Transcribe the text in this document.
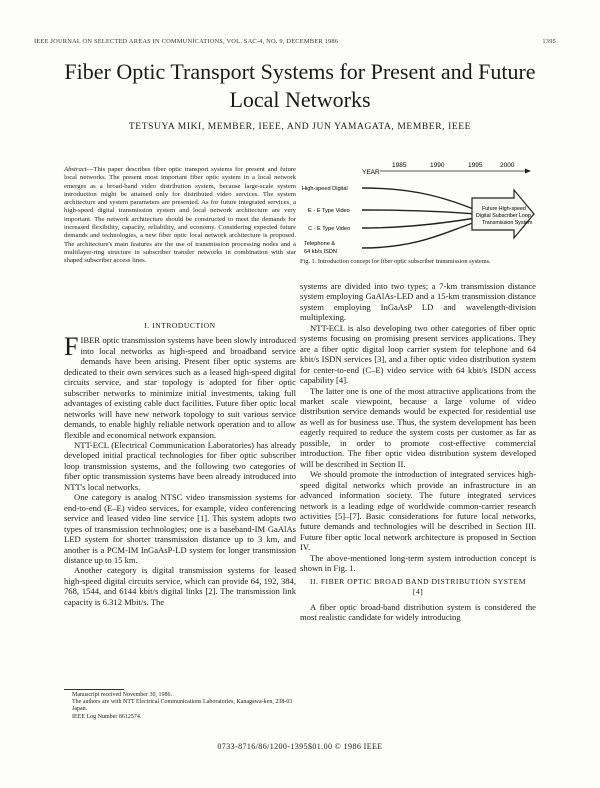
IEEE JOURNAL ON SELECTED AREAS IN COMMUNICATIONS, VOL. SAC-4, NO. 9, DECEMBER 1986	1395
Fiber Optic Transport Systems for Present and Future
Local Networks
TETSUYA MIKI, MEMBER, IEEE, AND JUN YAMAGATA, MEMBER, IEEE
Abstract—This paper describes fiber optic transport systems for present and future local networks. The present most important fiber optic system in a local network emerges as a broad-band video distribution system, because large-scale system introduction might be attained only for distributed video services. The system architecture and system parameters are presented. As for future integrated services, a high-speed digital transmission system and local network architecture are very important. The network architecture should be constructed to meet the demands for increased flexibility, capacity, reliability, and economy. Considering expected future demands and technologies, a new fiber optic local network architecture is proposed. The architecture's main features are the use of transmission processing nodes and a multilayer-ring structure in subscriber transfer networks in combination with star shaped subscriber access lines.
I. INTRODUCTION

FIBER optic transmission systems have been slowly introduced into local networks as high-speed and broadband service demands have been arising. Present fiber optic systems are dedicated to their own services such as a leased high-speed digital circuits service, and star topology is adopted for fiber optic subscriber networks to minimize initial investments, taking full advantages of existing cable duct facilities. Future fiber optic local networks will have new network topology to suit various service demands, to enable highly reliable network operation and to allow flexible and economical network expansion.

NTT-ECL (Electrical Communication Laboratories) has already developed initial practical technologies for fiber optic subscriber loop transmission systems, and the following two categories of fiber optic transmission systems have been already introduced into NTT's local networks.

One category is analog NTSC video transmission systems for end-to-end (E–E) video services, for example, video conferencing service and leased video line service [1]. This system adopts two types of transmission technologies; one is a baseband-IM GaAlAs LED system for shorter transmission distance up to 3 km, and another is a PCM-IM InGaAsP-LD system for longer transmission distance up to 15 km.

Another category is digital transmission systems for leased high-speed digital circuits service, which can provide 64, 192, 384, 768, 1544, and 6144 kbit/s digital links [2]. The transmission link capacity is 6.312 Mbit/s. The

Manuscript received November 30, 1986.
The authors are with NTT Electrical Communications Laboratories, Kanagawa-ken, 238-03 Japan.
IEEE Log Number 8612574.
YEAR
1985	1990	1995	2000
High-speed Digital
E - E Type Video
C - E Type Video
Telephone &
64 kb/s ISDN
Future High-speed
Digital Subscriber Loop
Transmission System
Fig. 1. Introduction concept for fiber optic subscriber transmission systems.

systems are divided into two types; a 7-km transmission distance system employing GaAlAs-LED and a 15-km transmission distance system employing InGaAsP LD and wavelength-division multiplexing.

NTT-ECL is also developing two other categories of fiber optic systems focusing on promising present services applications. They are a fiber optic digital loop carrier system for telephone and 64 kbit/s ISDN services [3], and a fiber optic video distribution system for center-to-end (C–E) video service with 64 kbit/s ISDN access capability [4].

The latter one is one of the most attractive applications from the market scale viewpoint, because a large volume of video distribution service demands would be expected for residential use as well as for business use. Thus, the system development has been eagerly required to reduce the system costs per customer as far as possible, in order to promote cost-effective commercial introduction. The fiber optic video distribution system developed will be described in Section II.

We should promote the introduction of integrated services high-speed digital networks which provide an infrastructure in an advanced information society. The future integrated services network is a leading edge of worldwide common-carrier research activities [5]–[7]. Basic considerations for future local networks, future demands and technologies will be described in Section III. Future fiber optic local network architecture is proposed in Section IV.

The above-mentioned long-term system introduction concept is shown in Fig. 1.

II. FIBER OPTIC BROAD BAND DISTRIBUTION SYSTEM
[4]

A fiber optic broad-band distribution system is considered the most realistic candidate for widely introducing

0733-8716/86/1200-1395$01.00 © 1986 IEEE
